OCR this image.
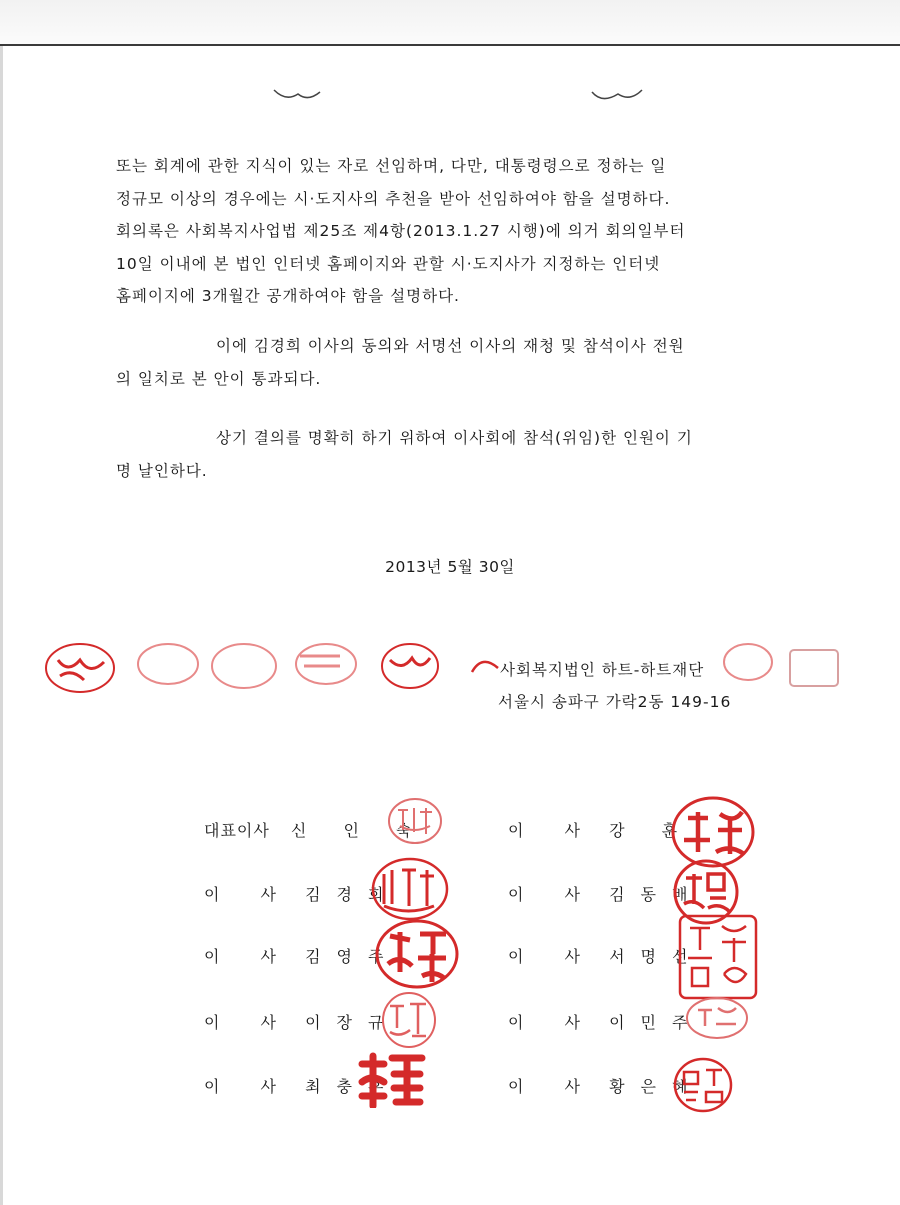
또는 회계에 관한 지식이 있는 자로 선임하며, 다만, 대통령령으로 정하는 일
정규모 이상의 경우에는 시·도지사의 추천을 받아 선임하여야 함을 설명하다.
회의록은 사회복지사업법 제25조 제4항(2013.1.27 시행)에 의거 회의일부터
10일 이내에 본 법인 인터넷 홈페이지와 관할 시·도지사가 지정하는 인터넷
홈페이지에 3개월간 공개하여야 함을 설명하다.
이에 김경희 이사의 동의와 서명선 이사의 재청 및 참석이사 전원
의 일치로 본 안이 통과되다.
상기 결의를 명확히 하기 위하여 이사회에 참석(위임)한 인원이 기
명 날인하다.
2013년 5월 30일
사회복지법인 하트-하트재단
서울시 송파구 가락2동 149-16
대표이사 신 인 숙
이 사 김경희
이 사 김영주
이 사 이장규
이 사 최충훈
이 사 강 훈
이 사 김동배
이 사 서명선
이 사 이민주
이 사 황은혜
